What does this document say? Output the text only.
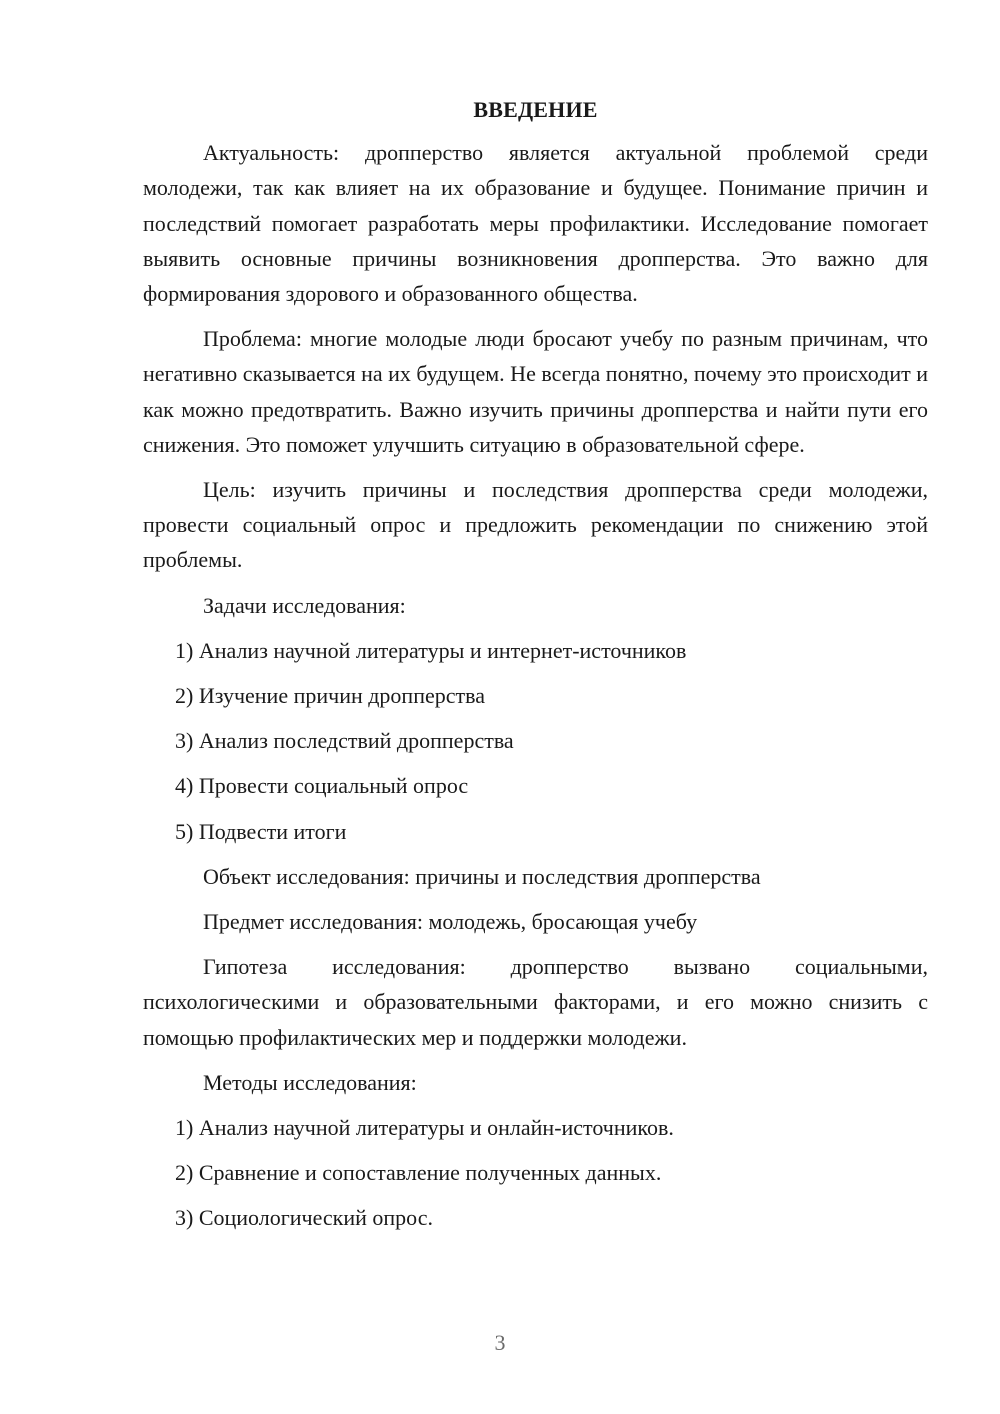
ВВЕДЕНИЕ

Актуальность: дропперство является актуальной проблемой среди молодежи, так как влияет на их образование и будущее. Понимание причин и последствий помогает разработать меры профилактики. Исследование помогает выявить основные причины возникновения дропперства. Это важно для формирования здорового и образованного общества.

Проблема: многие молодые люди бросают учебу по разным причинам, что негативно сказывается на их будущем. Не всегда понятно, почему это происходит и как можно предотвратить. Важно изучить причины дропперства и найти пути его снижения. Это поможет улучшить ситуацию в образовательной сфере.

Цель: изучить причины и последствия дропперства среди молодежи, провести социальный опрос и предложить рекомендации по снижению этой проблемы.

Задачи исследования:

1) Анализ научной литературы и интернет-источников

2) Изучение причин дропперства

3) Анализ последствий дропперства

4) Провести социальный опрос

5) Подвести итоги

Объект исследования: причины и последствия дропперства

Предмет исследования: молодежь, бросающая учебу

Гипотеза исследования: дропперство вызвано социальными, психологическими и образовательными факторами, и его можно снизить с помощью профилактических мер и поддержки молодежи.

Методы исследования:

1) Анализ научной литературы и онлайн-источников.

2) Сравнение и сопоставление полученных данных.

3) Социологический опрос.

3
